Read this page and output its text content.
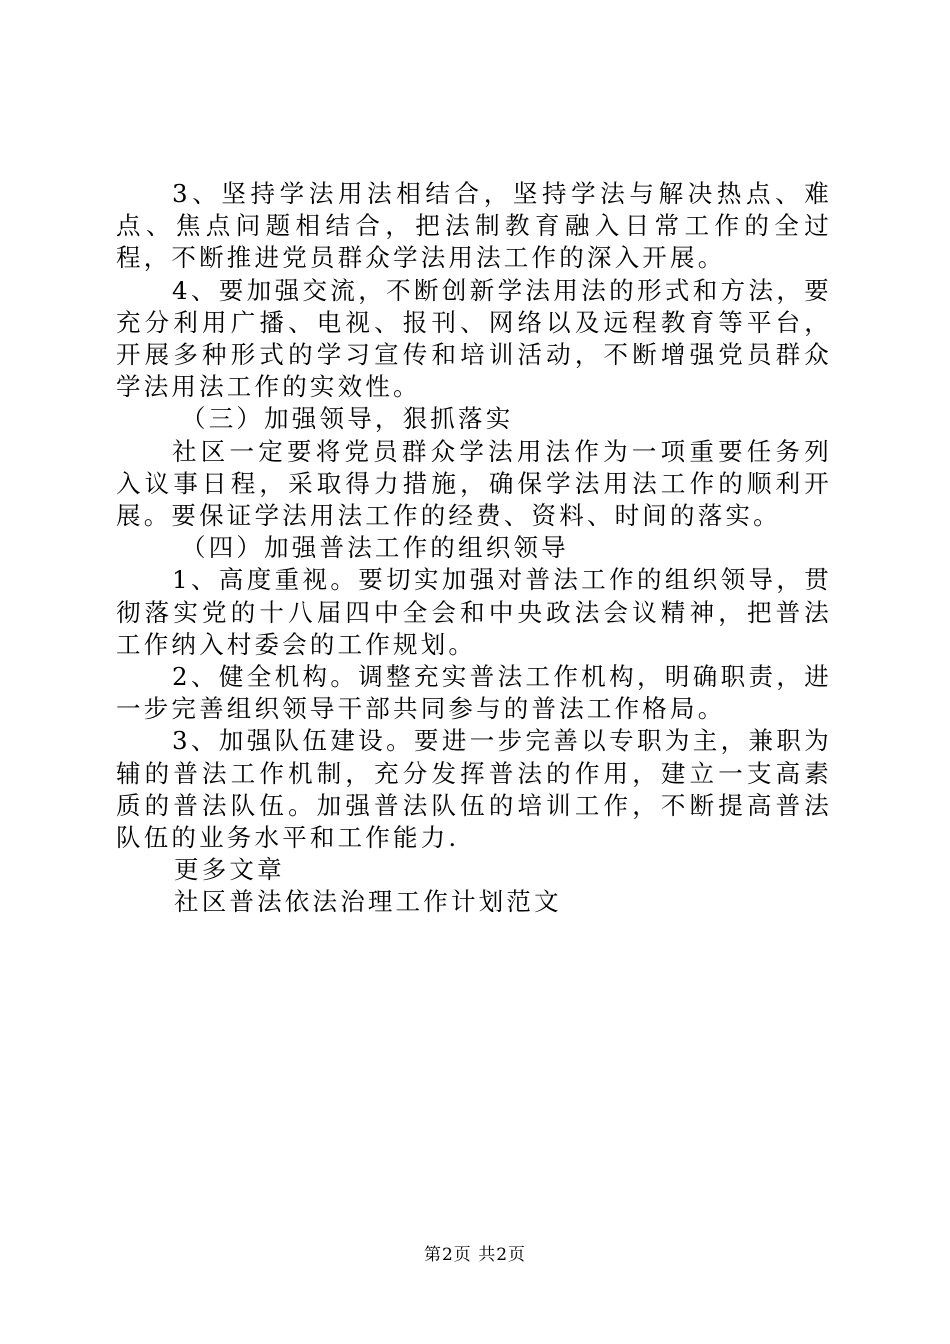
3、坚持学法用法相结合，坚持学法与解决热点、难点、焦点问题相结合，把法制教育融入日常工作的全过程，不断推进党员群众学法用法工作的深入开展。

4、要加强交流，不断创新学法用法的形式和方法，要充分利用广播、电视、报刊、网络以及远程教育等平台，开展多种形式的学习宣传和培训活动，不断增强党员群众学法用法工作的实效性。

（三）加强领导，狠抓落实

社区一定要将党员群众学法用法作为一项重要任务列入议事日程，采取得力措施，确保学法用法工作的顺利开展。要保证学法用法工作的经费、资料、时间的落实。

（四）加强普法工作的组织领导

1、高度重视。要切实加强对普法工作的组织领导，贯彻落实党的十八届四中全会和中央政法会议精神，把普法工作纳入村委会的工作规划。

2、健全机构。调整充实普法工作机构，明确职责，进一步完善组织领导干部共同参与的普法工作格局。

3、加强队伍建设。要进一步完善以专职为主，兼职为辅的普法工作机制，充分发挥普法的作用，建立一支高素质的普法队伍。加强普法队伍的培训工作，不断提高普法队伍的业务水平和工作能力.

更多文章

社区普法依法治理工作计划范文

第2页 共2页
